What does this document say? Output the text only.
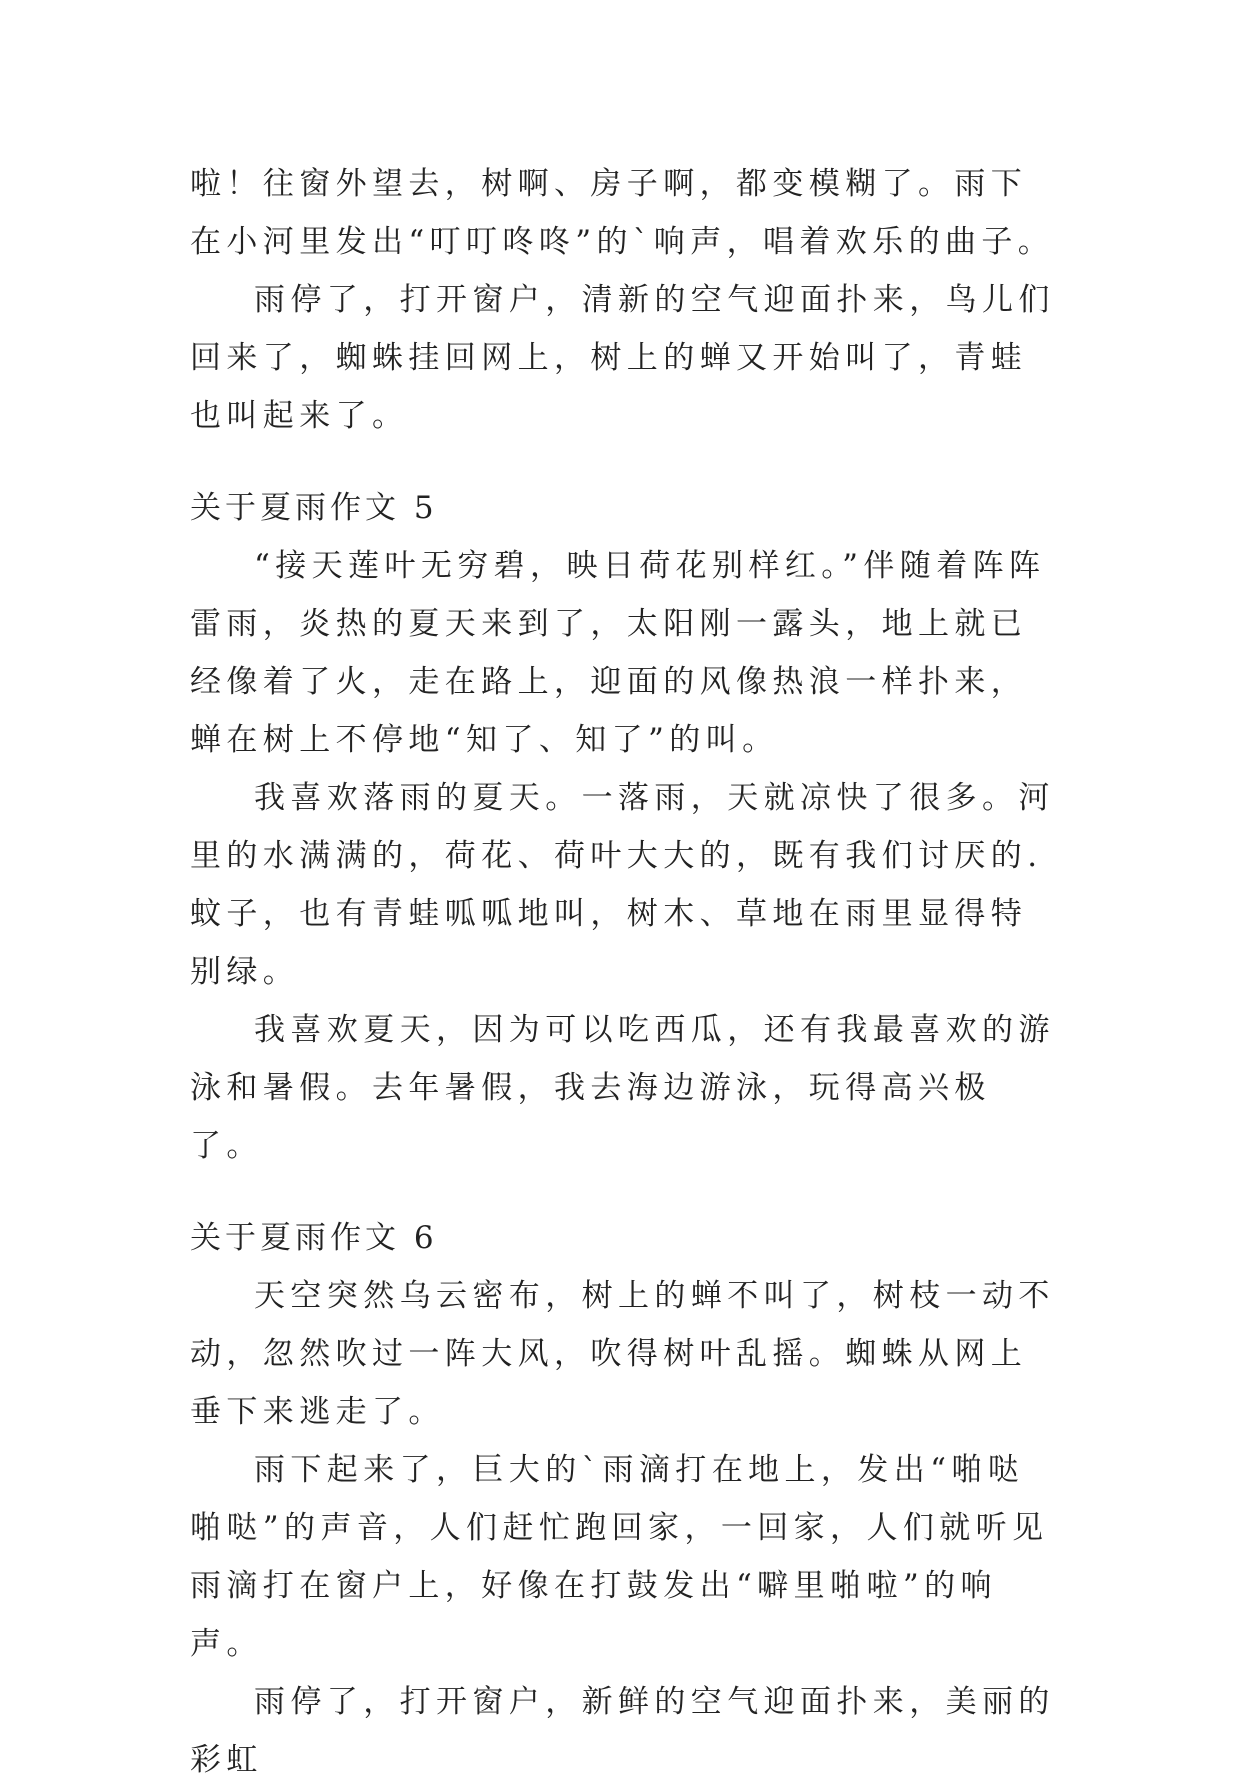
啦！往窗外望去，树啊、房子啊，都变模糊了。雨下在小河里发出“叮叮咚咚”的`响声，唱着欢乐的曲子。

雨停了，打开窗户，清新的空气迎面扑来，鸟儿们回来了，蜘蛛挂回网上，树上的蝉又开始叫了，青蛙也叫起来了。

关于夏雨作文 5

“接天莲叶无穷碧，映日荷花别样红。”伴随着阵阵雷雨，炎热的夏天来到了，太阳刚一露头，地上就已经像着了火，走在路上，迎面的风像热浪一样扑来，蝉在树上不停地“知了、知了”的叫。

我喜欢落雨的夏天。一落雨，天就凉快了很多。河里的水满满的，荷花、荷叶大大的，既有我们讨厌的.蚊子，也有青蛙呱呱地叫，树木、草地在雨里显得特别绿。

我喜欢夏天，因为可以吃西瓜，还有我最喜欢的游泳和暑假。去年暑假，我去海边游泳，玩得高兴极了。

关于夏雨作文 6

天空突然乌云密布，树上的蝉不叫了，树枝一动不动，忽然吹过一阵大风，吹得树叶乱摇。蜘蛛从网上垂下来逃走了。

雨下起来了，巨大的`雨滴打在地上，发出“啪哒啪哒”的声音，人们赶忙跑回家，一回家，人们就听见雨滴打在窗户上，好像在打鼓发出“噼里啪啦”的响声。

雨停了，打开窗户，新鲜的空气迎面扑来，美丽的彩虹
